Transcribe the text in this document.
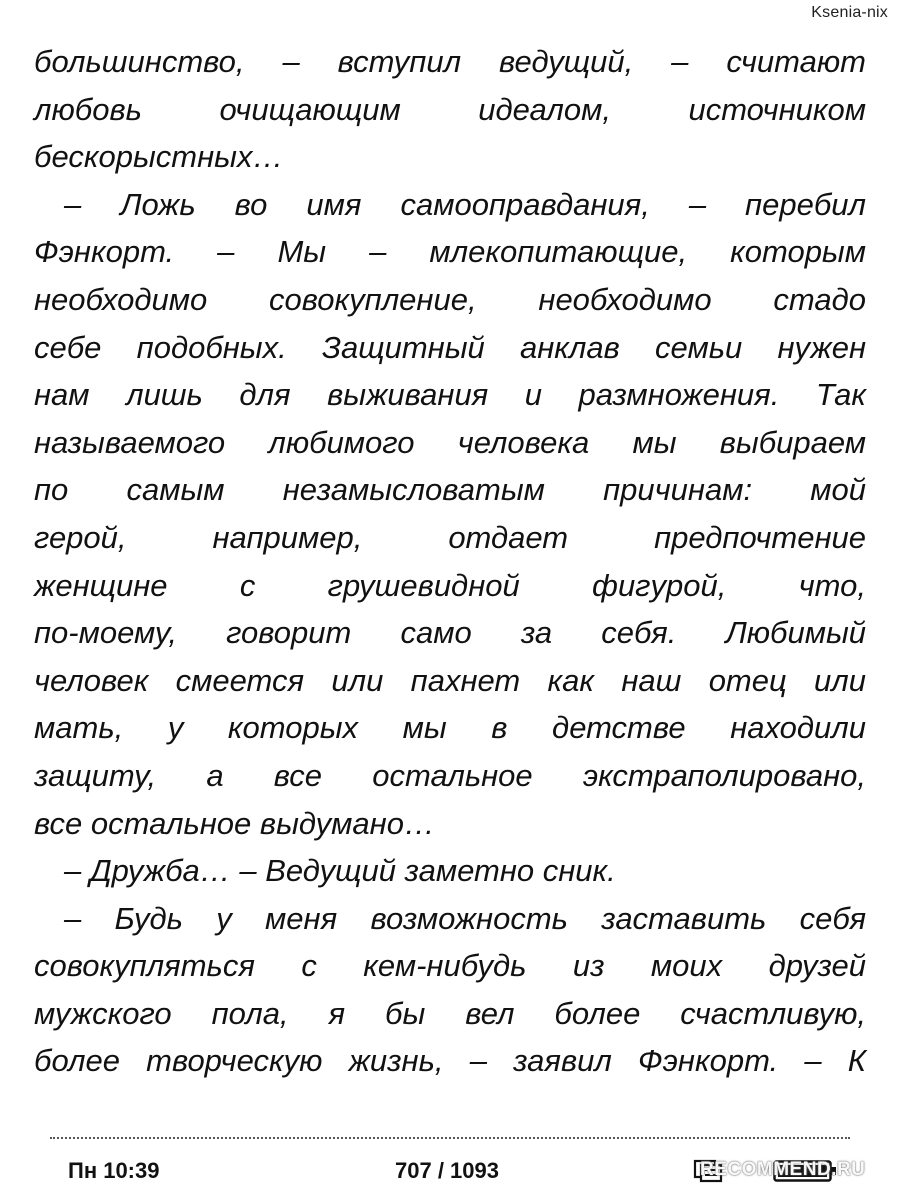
Ksenia-nix
большинство, – вступил ведущий, – считают
любовь очищающим идеалом, источником
бескорыстных…
– Ложь во имя самооправдания, – перебил
Фэнкорт. – Мы – млекопитающие, которым
необходимо совокупление, необходимо стадо
себе подобных. Защитный анклав семьи нужен
нам лишь для выживания и размножения. Так
называемого любимого человека мы выбираем
по самым незамысловатым причинам: мой
герой, например, отдает предпочтение
женщине с грушевидной фигурой, что,
по-моему, говорит само за себя. Любимый
человек смеется или пахнет как наш отец или
мать, у которых мы в детстве находили
защиту, а все остальное экстраполировано,
все остальное выдумано…
– Дружба… – Ведущий заметно сник.
– Будь у меня возможность заставить себя
совокупляться с кем-нибудь из моих друзей
мужского пола, я бы вел более счастливую,
более творческую жизнь, – заявил Фэнкорт. – К
Пн 10:39	707 / 1093	RECOMMEND.RU
